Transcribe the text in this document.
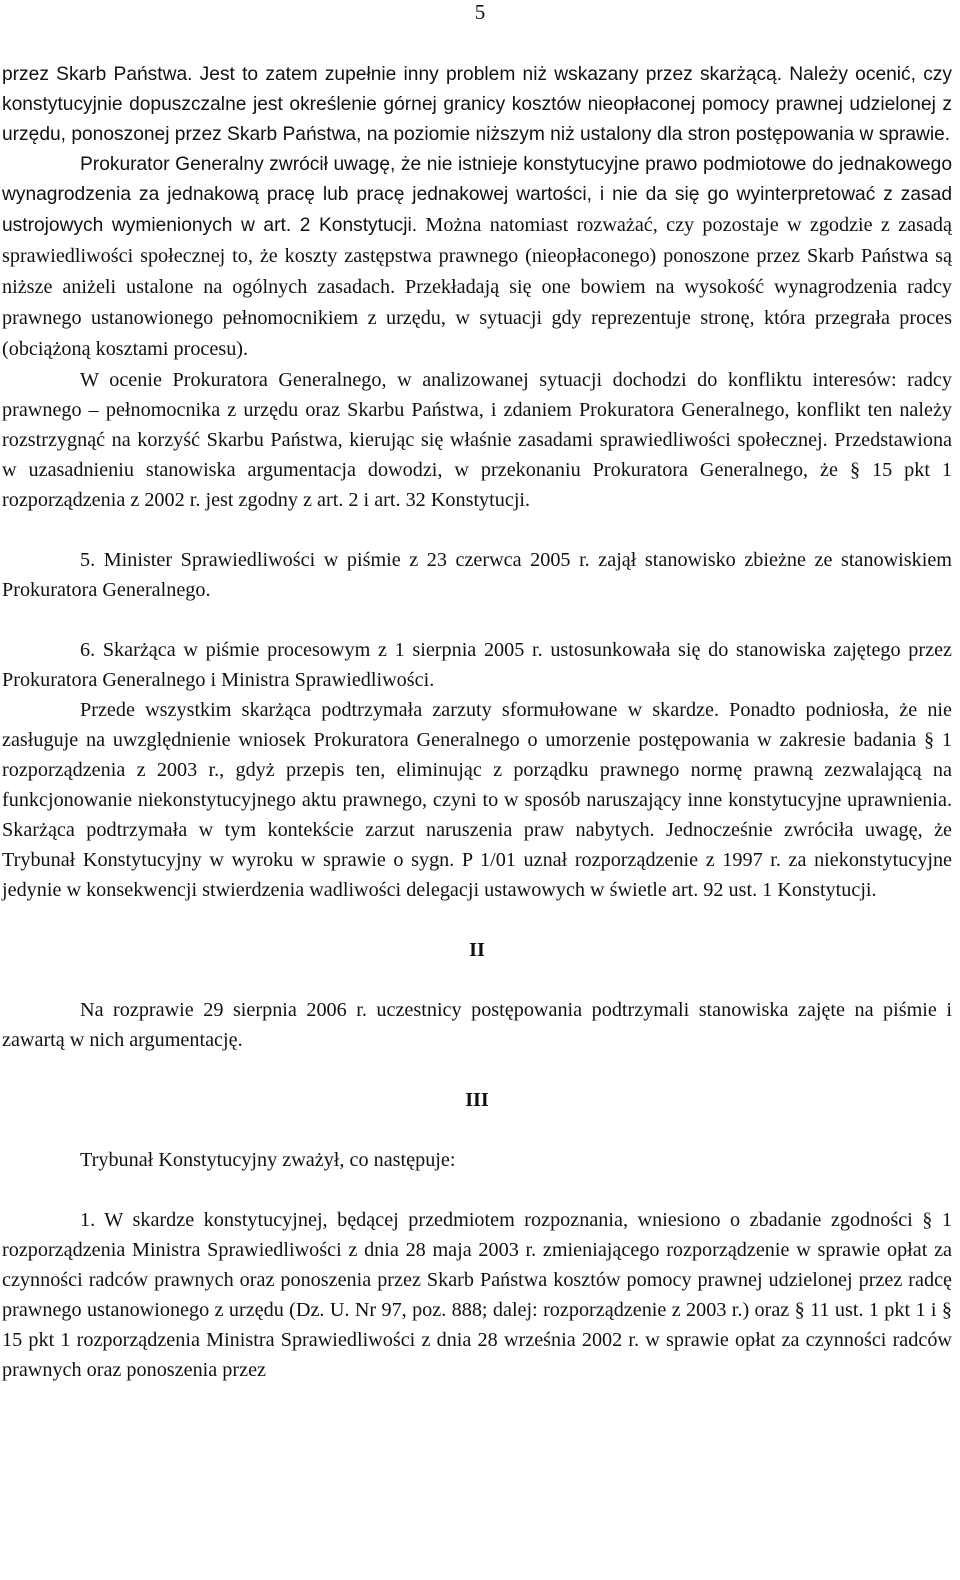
5

przez Skarb Państwa. Jest to zatem zupełnie inny problem niż wskazany przez skarżącą. Należy ocenić, czy konstytucyjnie dopuszczalne jest określenie górnej granicy kosztów nieopłaconej pomocy prawnej udzielonej z urzędu, ponoszonej przez Skarb Państwa, na poziomie niższym niż ustalony dla stron postępowania w sprawie.
Prokurator Generalny zwrócił uwagę, że nie istnieje konstytucyjne prawo podmiotowe do jednakowego wynagrodzenia za jednakową pracę lub pracę jednakowej wartości, i nie da się go wyinterpretować z zasad ustrojowych wymienionych w art. 2 Konstytucji. Można natomiast rozważać, czy pozostaje w zgodzie z zasadą sprawiedliwości społecznej to, że koszty zastępstwa prawnego (nieopłaconego) ponoszone przez Skarb Państwa są niższe aniżeli ustalone na ogólnych zasadach. Przekładają się one bowiem na wysokość wynagrodzenia radcy prawnego ustanowionego pełnomocnikiem z urzędu, w sytuacji gdy reprezentuje stronę, która przegrała proces (obciążoną kosztami procesu).

W ocenie Prokuratora Generalnego, w analizowanej sytuacji dochodzi do konfliktu interesów: radcy prawnego – pełnomocnika z urzędu oraz Skarbu Państwa, i zdaniem Prokuratora Generalnego, konflikt ten należy rozstrzygnąć na korzyść Skarbu Państwa, kierując się właśnie zasadami sprawiedliwości społecznej. Przedstawiona w uzasadnieniu stanowiska argumentacja dowodzi, w przekonaniu Prokuratora Generalnego, że § 15 pkt 1 rozporządzenia z 2002 r. jest zgodny z art. 2 i art. 32 Konstytucji.

5. Minister Sprawiedliwości w piśmie z 23 czerwca 2005 r. zajął stanowisko zbieżne ze stanowiskiem Prokuratora Generalnego.

6. Skarżąca w piśmie procesowym z 1 sierpnia 2005 r. ustosunkowała się do stanowiska zajętego przez Prokuratora Generalnego i Ministra Sprawiedliwości.

Przede wszystkim skarżąca podtrzymała zarzuty sformułowane w skardze. Ponadto podniosła, że nie zasługuje na uwzględnienie wniosek Prokuratora Generalnego o umorzenie postępowania w zakresie badania § 1 rozporządzenia z 2003 r., gdyż przepis ten, eliminując z porządku prawnego normę prawną zezwalającą na funkcjonowanie niekonstytucyjnego aktu prawnego, czyni to w sposób naruszający inne konstytucyjne uprawnienia. Skarżąca podtrzymała w tym kontekście zarzut naruszenia praw nabytych. Jednocześnie zwróciła uwagę, że Trybunał Konstytucyjny w wyroku w sprawie o sygn. P 1/01 uznał rozporządzenie z 1997 r. za niekonstytucyjne jedynie w konsekwencji stwierdzenia wadliwości delegacji ustawowych w świetle art. 92 ust. 1 Konstytucji.

II

Na rozprawie 29 sierpnia 2006 r. uczestnicy postępowania podtrzymali stanowiska zajęte na piśmie i zawartą w nich argumentację.

III

Trybunał Konstytucyjny zważył, co następuje:

1. W skardze konstytucyjnej, będącej przedmiotem rozpoznania, wniesiono o zbadanie zgodności § 1 rozporządzenia Ministra Sprawiedliwości z dnia 28 maja 2003 r. zmieniającego rozporządzenie w sprawie opłat za czynności radców prawnych oraz ponoszenia przez Skarb Państwa kosztów pomocy prawnej udzielonej przez radcę prawnego ustanowionego z urzędu (Dz. U. Nr 97, poz. 888; dalej: rozporządzenie z 2003 r.) oraz § 11 ust. 1 pkt 1 i § 15 pkt 1 rozporządzenia Ministra Sprawiedliwości z dnia 28 września 2002 r. w sprawie opłat za czynności radców prawnych oraz ponoszenia przez
